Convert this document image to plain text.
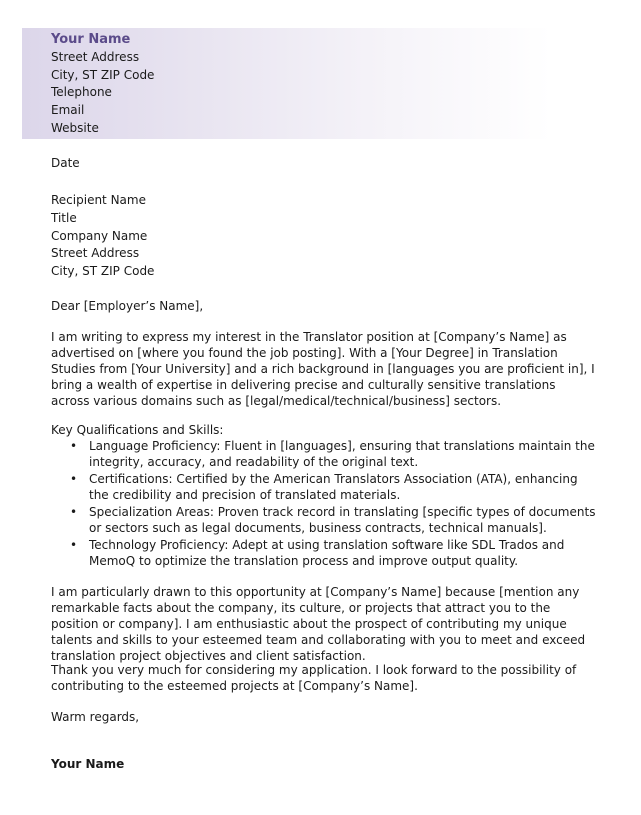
Your Name
Street Address
City, ST ZIP Code
Telephone
Email
Website
Date
Recipient Name
Title
Company Name
Street Address
City, ST ZIP Code
Dear [Employer’s Name],
I am writing to express my interest in the Translator position at [Company’s Name] as advertised on [where you found the job posting]. With a [Your Degree] in Translation Studies from [Your University] and a rich background in [languages you are proficient in], I bring a wealth of expertise in delivering precise and culturally sensitive translations across various domains such as [legal/medical/technical/business] sectors.
Key Qualifications and Skills:
• Language Proficiency: Fluent in [languages], ensuring that translations maintain the integrity, accuracy, and readability of the original text.
• Certifications: Certified by the American Translators Association (ATA), enhancing the credibility and precision of translated materials.
• Specialization Areas: Proven track record in translating [specific types of documents or sectors such as legal documents, business contracts, technical manuals].
• Technology Proficiency: Adept at using translation software like SDL Trados and MemoQ to optimize the translation process and improve output quality.
I am particularly drawn to this opportunity at [Company’s Name] because [mention any remarkable facts about the company, its culture, or projects that attract you to the position or company]. I am enthusiastic about the prospect of contributing my unique talents and skills to your esteemed team and collaborating with you to meet and exceed translation project objectives and client satisfaction.
Thank you very much for considering my application. I look forward to the possibility of contributing to the esteemed projects at [Company’s Name].
Warm regards,
Your Name
